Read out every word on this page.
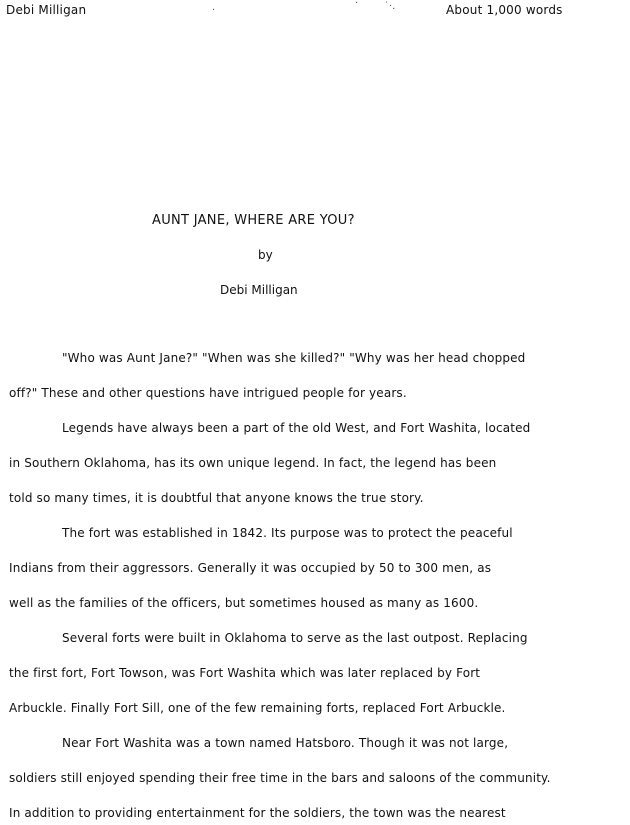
Debi Milligan	About 1,000 words
·
·	˙·.
AUNT JANE, WHERE ARE YOU?
by
Debi Milligan
"Who was Aunt Jane?" "When was she killed?" "Why was her head chopped
off?" These and other questions have intrigued people for years.
Legends have always been a part of the old West, and Fort Washita, located
in Southern Oklahoma, has its own unique legend. In fact, the legend has been
told so many times, it is doubtful that anyone knows the true story.
The fort was established in 1842. Its purpose was to protect the peaceful
Indians from their aggressors. Generally it was occupied by 50 to 300 men, as
well as the families of the officers, but sometimes housed as many as 1600.
Several forts were built in Oklahoma to serve as the last outpost. Replacing
the first fort, Fort Towson, was Fort Washita which was later replaced by Fort
Arbuckle. Finally Fort Sill, one of the few remaining forts, replaced Fort Arbuckle.
Near Fort Washita was a town named Hatsboro. Though it was not large,
soldiers still enjoyed spending their free time in the bars and saloons of the community.
In addition to providing entertainment for the soldiers, the town was the nearest
